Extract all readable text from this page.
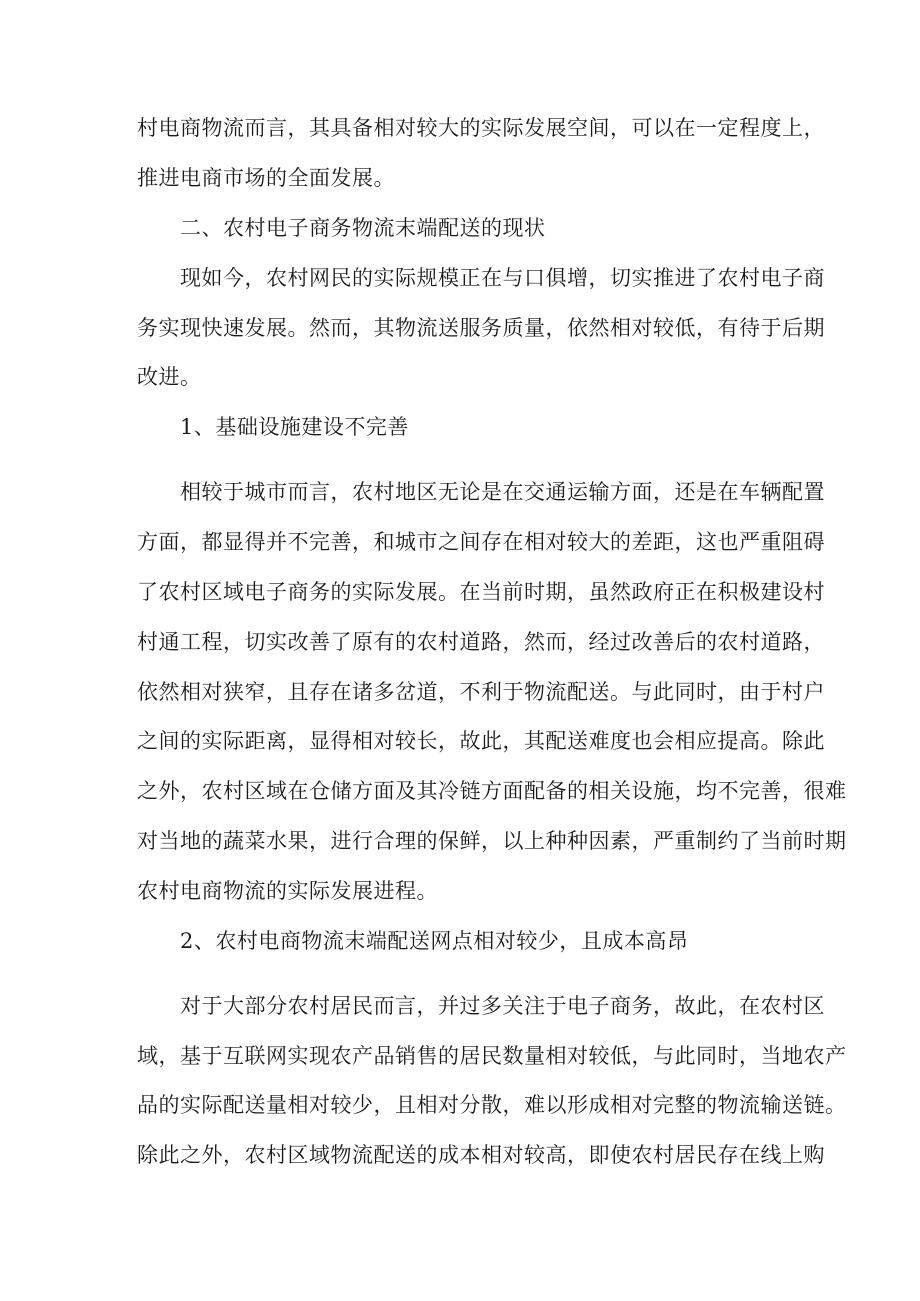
村电商物流而言，其具备相对较大的实际发展空间，可以在一定程度上，
推进电商市场的全面发展。
二、农村电子商务物流末端配送的现状
现如今，农村网民的实际规模正在与口俱增，切实推进了农村电子商
务实现快速发展。然而，其物流送服务质量，依然相对较低，有待于后期
改进。
1、基础设施建设不完善
相较于城市而言，农村地区无论是在交通运输方面，还是在车辆配置
方面，都显得并不完善，和城市之间存在相对较大的差距，这也严重阻碍
了农村区域电子商务的实际发展。在当前时期，虽然政府正在积极建设村
村通工程，切实改善了原有的农村道路，然而，经过改善后的农村道路，
依然相对狭窄，且存在诸多岔道，不利于物流配送。与此同时，由于村户
之间的实际距离，显得相对较长，故此，其配送难度也会相应提高。除此
之外，农村区域在仓储方面及其冷链方面配备的相关设施，均不完善，很难
对当地的蔬菜水果，进行合理的保鲜，以上种种因素，严重制约了当前时期
农村电商物流的实际发展进程。
2、农村电商物流末端配送网点相对较少，且成本高昂
对于大部分农村居民而言，并过多关注于电子商务，故此，在农村区
域，基于互联网实现农产品销售的居民数量相对较低，与此同时，当地农产
品的实际配送量相对较少，且相对分散，难以形成相对完整的物流输送链。
除此之外，农村区域物流配送的成本相对较高，即使农村居民存在线上购
